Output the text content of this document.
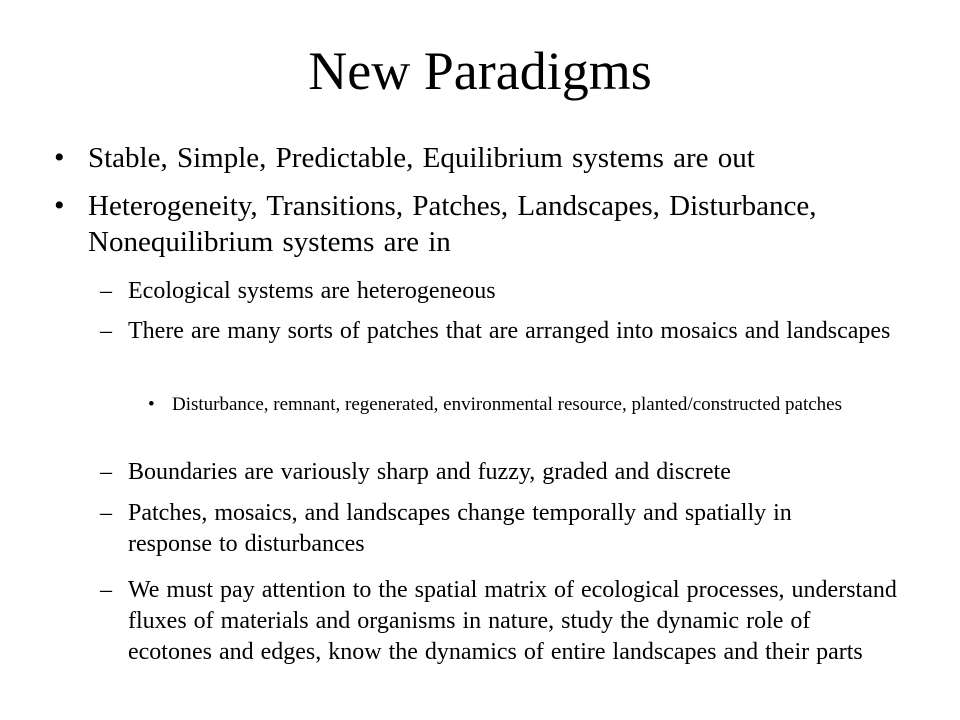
New Paradigms
• Stable, Simple, Predictable, Equilibrium systems are out
• Heterogeneity, Transitions, Patches, Landscapes, Disturbance, Nonequilibrium systems are in
– Ecological systems are heterogeneous
– There are many sorts of patches that are arranged into mosaics and landscapes
• Disturbance, remnant, regenerated, environmental resource, planted/constructed patches
– Boundaries are variously sharp and fuzzy, graded and discrete
– Patches, mosaics, and landscapes change temporally and spatially in response to disturbances
– We must pay attention to the spatial matrix of ecological processes, understand fluxes of materials and organisms in nature, study the dynamic role of ecotones and edges, know the dynamics of entire landscapes and their parts
